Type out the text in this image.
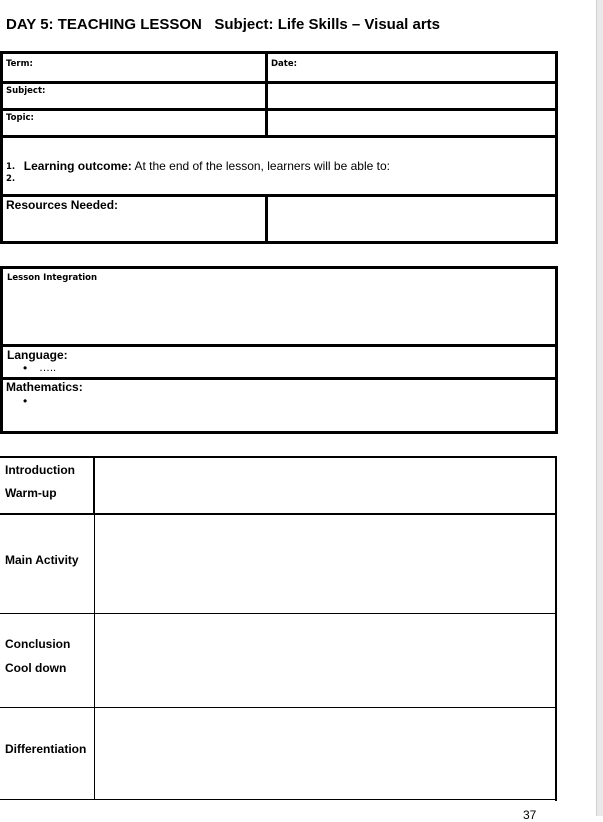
DAY 5: TEACHING LESSON   Subject: Life Skills – Visual arts
Term:	Date:
Subject:
Topic:

Learning outcome: At the end of the lesson, learners will be able to:

1.
2.
Resources Needed:
Lesson Integration
Language:
• …..
Mathematics:
Introduction
Warm-up
Main Activity
Conclusion
Cool down
Differentiation
37
